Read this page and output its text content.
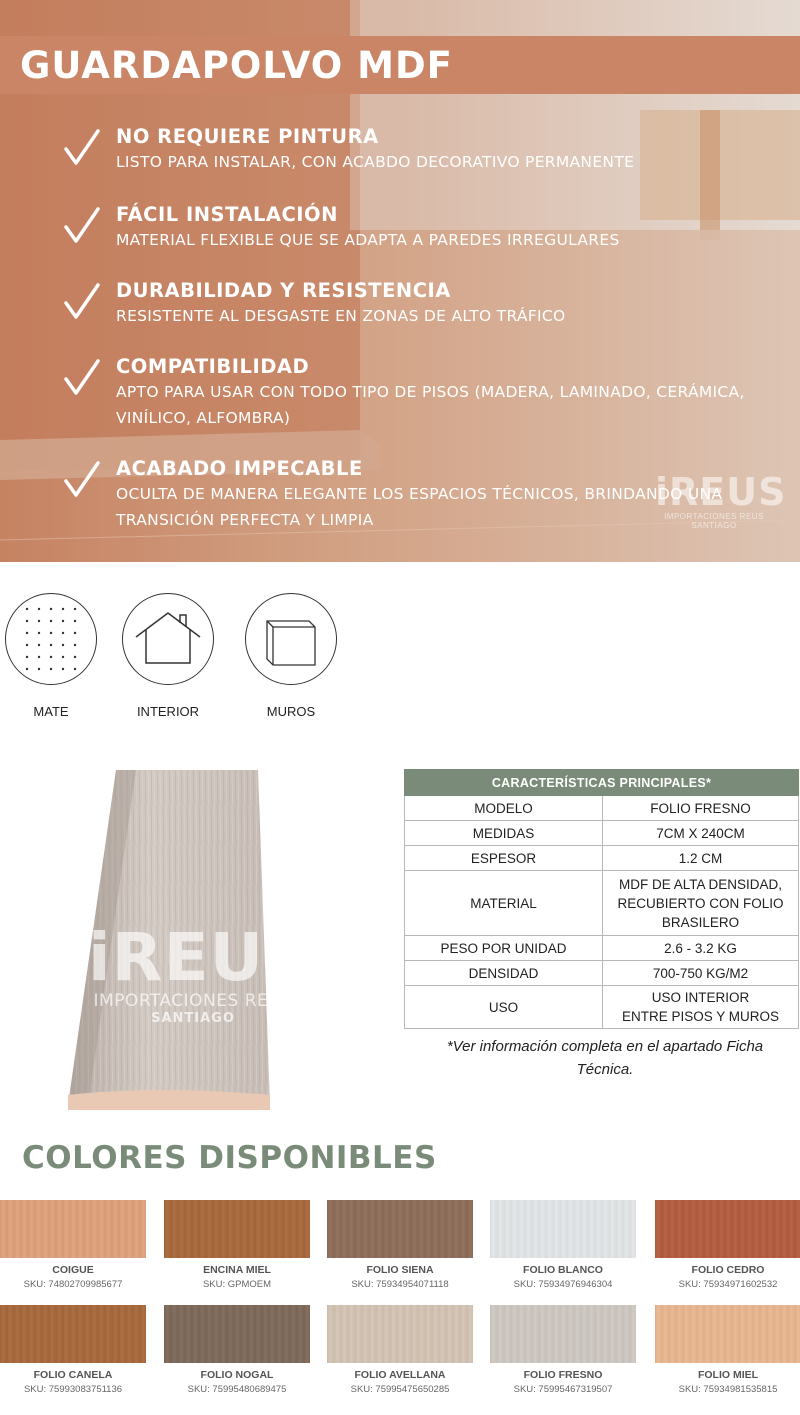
GUARDAPOLVO MDF
NO REQUIERE PINTURA
LISTO PARA INSTALAR, CON ACABDO DECORATIVO PERMANENTE
FÁCIL INSTALACIÓN
MATERIAL FLEXIBLE QUE SE ADAPTA A PAREDES IRREGULARES
DURABILIDAD Y RESISTENCIA
RESISTENTE AL DESGASTE EN ZONAS DE ALTO TRÁFICO
COMPATIBILIDAD
APTO PARA USAR CON TODO TIPO DE PISOS (MADERA, LAMINADO, CERÁMICA, VINÍLICO, ALFOMBRA)
ACABADO IMPECABLE
OCULTA DE MANERA ELEGANTE LOS ESPACIOS TÉCNICOS, BRINDANDO UNA TRANSICIÓN PERFECTA Y LIMPIA
iREUS
IMPORTACIONES REUS
SANTIAGO
MATE	INTERIOR	MUROS
iREUS
IMPORTACIONES REUS
SANTIAGO
CARACTERÍSTICAS PRINCIPALES*	
MODELO	FOLIO FRESNO
MEDIDAS	7CM X 240CM
ESPESOR	1.2 CM
MATERIAL	MDF DE ALTA DENSIDAD,
RECUBIERTO CON FOLIO
BRASILERO

PESO POR UNIDAD	2.6 - 3.2 KG
DENSIDAD	700-750 KG/M2
USO	USO INTERIOR
ENTRE PISOS Y MUROS
*Ver información completa en el apartado Ficha Técnica.
COLORES DISPONIBLES
COIGUE
SKU: 74802709985677
ENCINA MIEL
SKU: GPMOEM
FOLIO SIENA
SKU: 75934954071118
FOLIO BLANCO
SKU: 75934976946304
FOLIO CEDRO
SKU: 75934971602532
FOLIO CANELA
SKU: 75993083751136
FOLIO NOGAL
SKU: 75995480689475
FOLIO AVELLANA
SKU: 75995475650285
FOLIO FRESNO
SKU: 75995467319507
FOLIO MIEL
SKU: 75934981535815
